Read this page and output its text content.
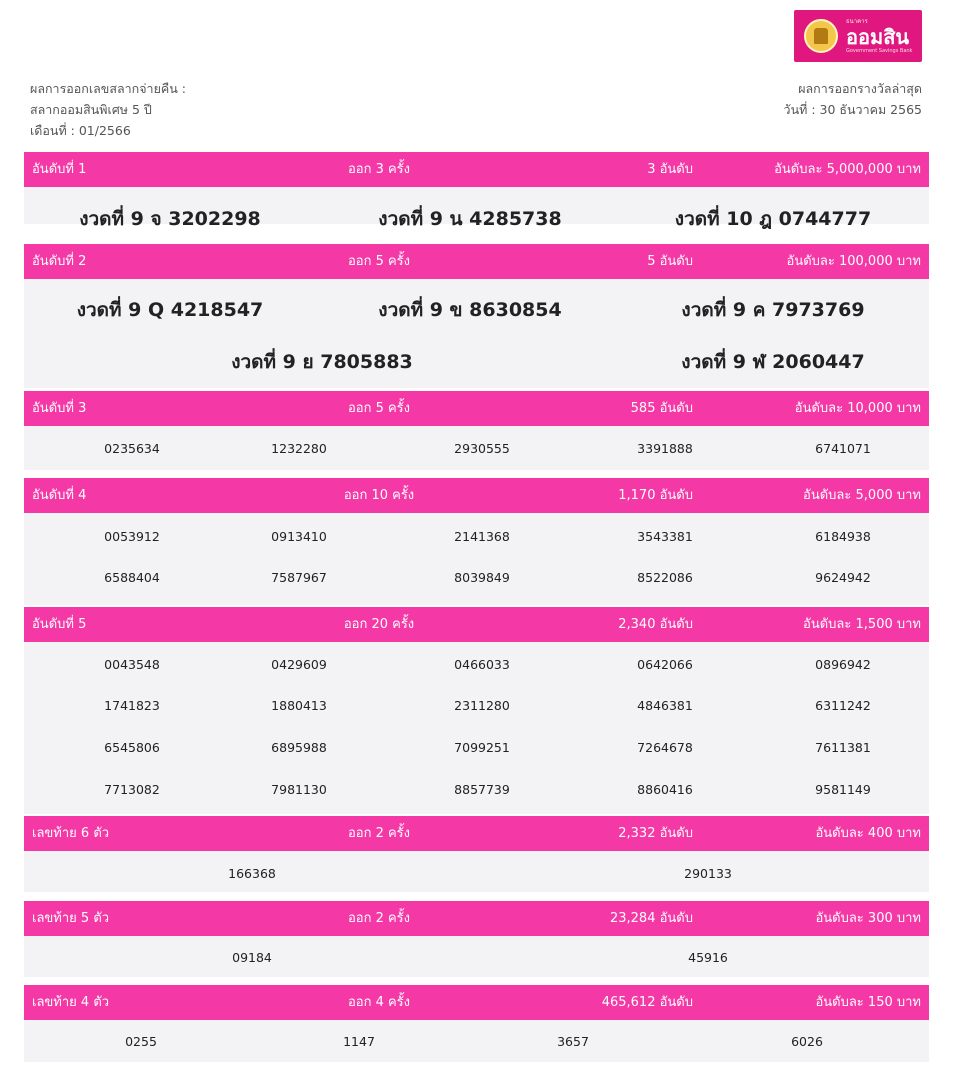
ธนาคาร
ออมสิน
Government Savings Bank
ผลการออกเลขสลากจ่ายคืน :
สลากออมสินพิเศษ 5 ปี
เดือนที่ : 01/2566
ผลการออกรางวัลล่าสุด
วันที่ : 30 ธันวาคม 2565
อันดับที่ 1	ออก 3 ครั้ง	3 อันดับ	อันดับละ 5,000,000 บาท
งวดที่ 9 จ 3202298	งวดที่ 9 น 4285738	งวดที่ 10 ฎ 0744777
อันดับที่ 2	ออก 5 ครั้ง	5 อันดับ	อันดับละ 100,000 บาท
งวดที่ 9 Q 4218547	งวดที่ 9 ข 8630854	งวดที่ 9 ค 7973769
งวดที่ 9 ย 7805883	งวดที่ 9 ฬ 2060447
อันดับที่ 3	ออก 5 ครั้ง	585 อันดับ	อันดับละ 10,000 บาท
0235634	1232280	2930555	3391888	6741071
อันดับที่ 4	ออก 10 ครั้ง	1,170 อันดับ	อันดับละ 5,000 บาท
0053912	0913410	2141368	3543381	6184938
6588404	7587967	8039849	8522086	9624942
อันดับที่ 5	ออก 20 ครั้ง	2,340 อันดับ	อันดับละ 1,500 บาท
0043548	0429609	0466033	0642066	0896942
1741823	1880413	2311280	4846381	6311242
6545806	6895988	7099251	7264678	7611381
7713082	7981130	8857739	8860416	9581149
เลขท้าย 6 ตัว	ออก 2 ครั้ง	2,332 อันดับ	อันดับละ 400 บาท
166368	290133
เลขท้าย 5 ตัว	ออก 2 ครั้ง	23,284 อันดับ	อันดับละ 300 บาท
09184	45916
เลขท้าย 4 ตัว	ออก 4 ครั้ง	465,612 อันดับ	อันดับละ 150 บาท
0255	1147	3657	6026
